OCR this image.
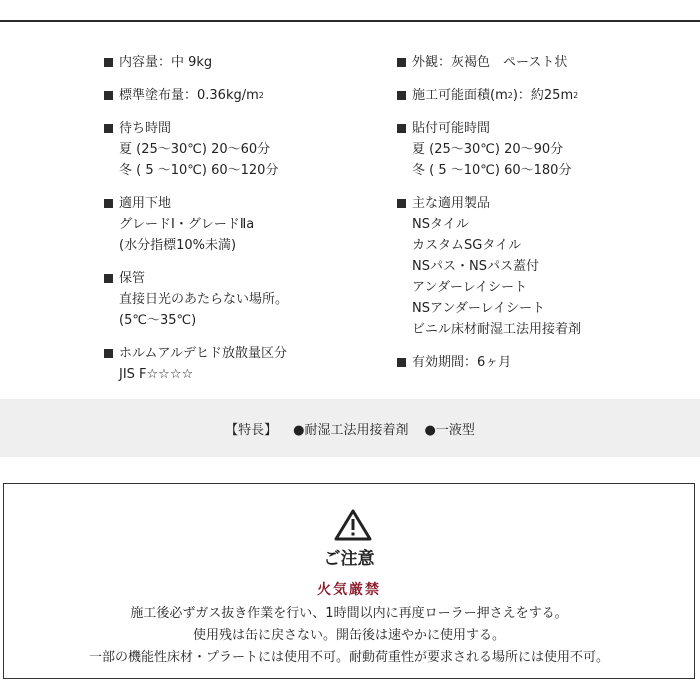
内容量：中 9kg
標準塗布量：0.36kg/m 2
待ち時間
夏 (25～30℃) 20～60分
冬 ( 5 ～10℃) 60～120分
適用下地
グレードⅠ・グレードⅡa
(水分指標10%未満)
保管
直接日光のあたらない場所。
(5℃～35℃)
ホルムアルデヒド放散量区分
JIS F☆☆☆☆
外観：灰褐色　ペースト状
施工可能面積(m 2 )：約25m 2
貼付可能時間
夏 (25～30℃) 20～90分
冬 ( 5 ～10℃) 60～180分
主な適用製品
NSタイル
カスタムSGタイル
NSパス・NSパス蓋付
アンダーレイシート
NSアンダーレイシート
ビニル床材耐湿工法用接着剤
有効期間：6ヶ月
【特長】 ●耐湿工法用接着剤 ●一液型
ご注意
火気厳禁
施工後必ずガス抜き作業を行い、1時間以内に再度ローラー押さえをする。
使用残は缶に戻さない。開缶後は速やかに使用する。
一部の機能性床材・プラートには使用不可。耐動荷重性が要求される場所には使用不可。
